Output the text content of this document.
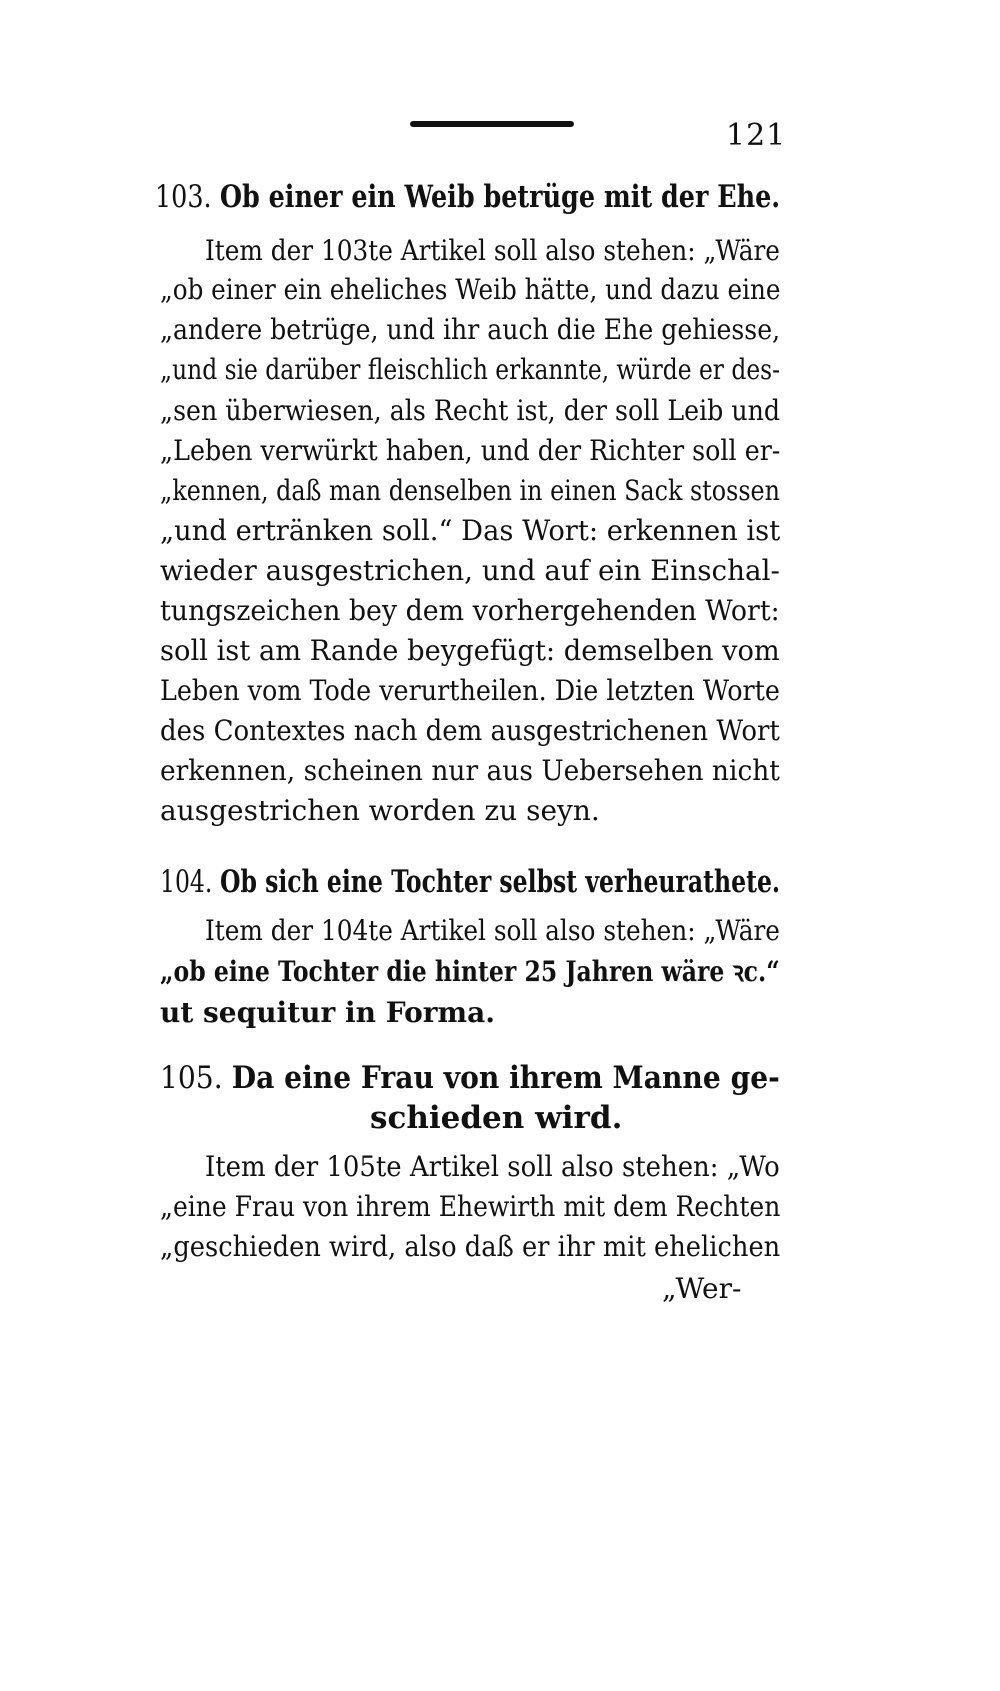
121
103. Ob einer ein Weib betrüge mit der Ehe.
Item der 103te Artikel soll also stehen: „Wäre
„ob einer ein eheliches Weib hätte, und dazu eine
„andere betrüge, und ihr auch die Ehe gehiesse,
„und sie darüber fleischlich erkannte, würde er des-
„sen überwiesen, als Recht ist, der soll Leib und
„Leben verwürkt haben, und der Richter soll er-
„kennen, daß man denselben in einen Sack stossen
„und ertränken soll.“ Das Wort: erkennen ist
wieder ausgestrichen, und auf ein Einschal-
tungszeichen bey dem vorhergehenden Wort:
soll ist am Rande beygefügt: demselben vom
Leben vom Tode verurtheilen. Die letzten Worte
des Contextes nach dem ausgestrichenen Wort
erkennen, scheinen nur aus Uebersehen nicht
ausgestrichen worden zu seyn.
104. Ob sich eine Tochter selbst verheurathete.
Item der 104te Artikel soll also stehen: „Wäre
„ob eine Tochter die hinter 25 Jahren wäre ꝛc.“
ut sequitur in Forma.
105. Da eine Frau von ihrem Manne ge-
schieden wird.
Item der 105te Artikel soll also stehen: „Wo
„eine Frau von ihrem Ehewirth mit dem Rechten
„geschieden wird, also daß er ihr mit ehelichen
„Wer-
